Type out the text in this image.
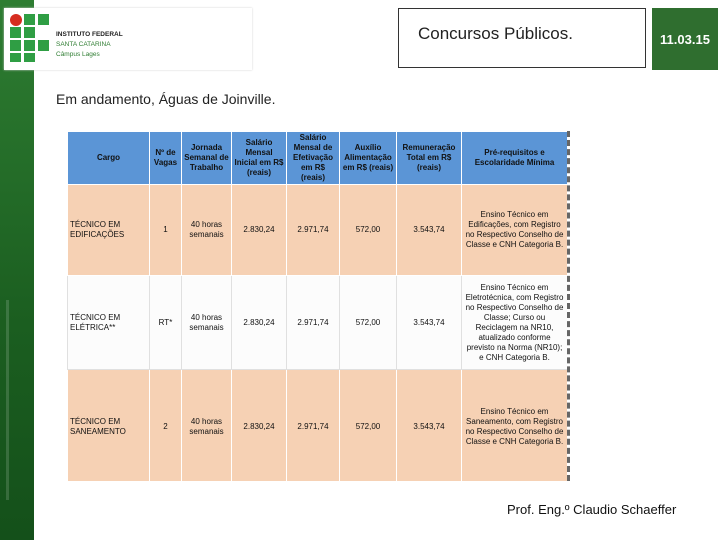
INSTITUTO FEDERAL
SANTA CATARINA
Câmpus Lages
Concursos Públicos.	11.03.15
Em andamento, Águas de Joinville.
Cargo	Nº de Vagas	Jornada Semanal de Trabalho	Salário Mensal Inicial em R$ (reais)	Salário Mensal de Efetivação em R$ (reais)	Auxílio Alimentação em R$ (reais)	Remuneração Total em R$ (reais)	Pré-requisitos e Escolaridade Mínima
TÉCNICO EM EDIFICAÇÕES	1	40 horas semanais	2.830,24	2.971,74	572,00	3.543,74	Ensino Técnico em Edificações, com Registro no Respectivo Conselho de Classe e CNH Categoria B.
TÉCNICO EM ELÉTRICA**	RT*	40 horas semanais	2.830,24	2.971,74	572,00	3.543,74	Ensino Técnico em Eletrotécnica, com Registro no Respectivo Conselho de Classe; Curso ou Reciclagem na NR10, atualizado conforme previsto na Norma (NR10); e CNH Categoria B.
TÉCNICO EM SANEAMENTO	2	40 horas semanais	2.830,24	2.971,74	572,00	3.543,74	Ensino Técnico em Saneamento, com Registro no Respectivo Conselho de Classe e CNH Categoria B.
Prof. Eng.º Claudio Schaeffer
